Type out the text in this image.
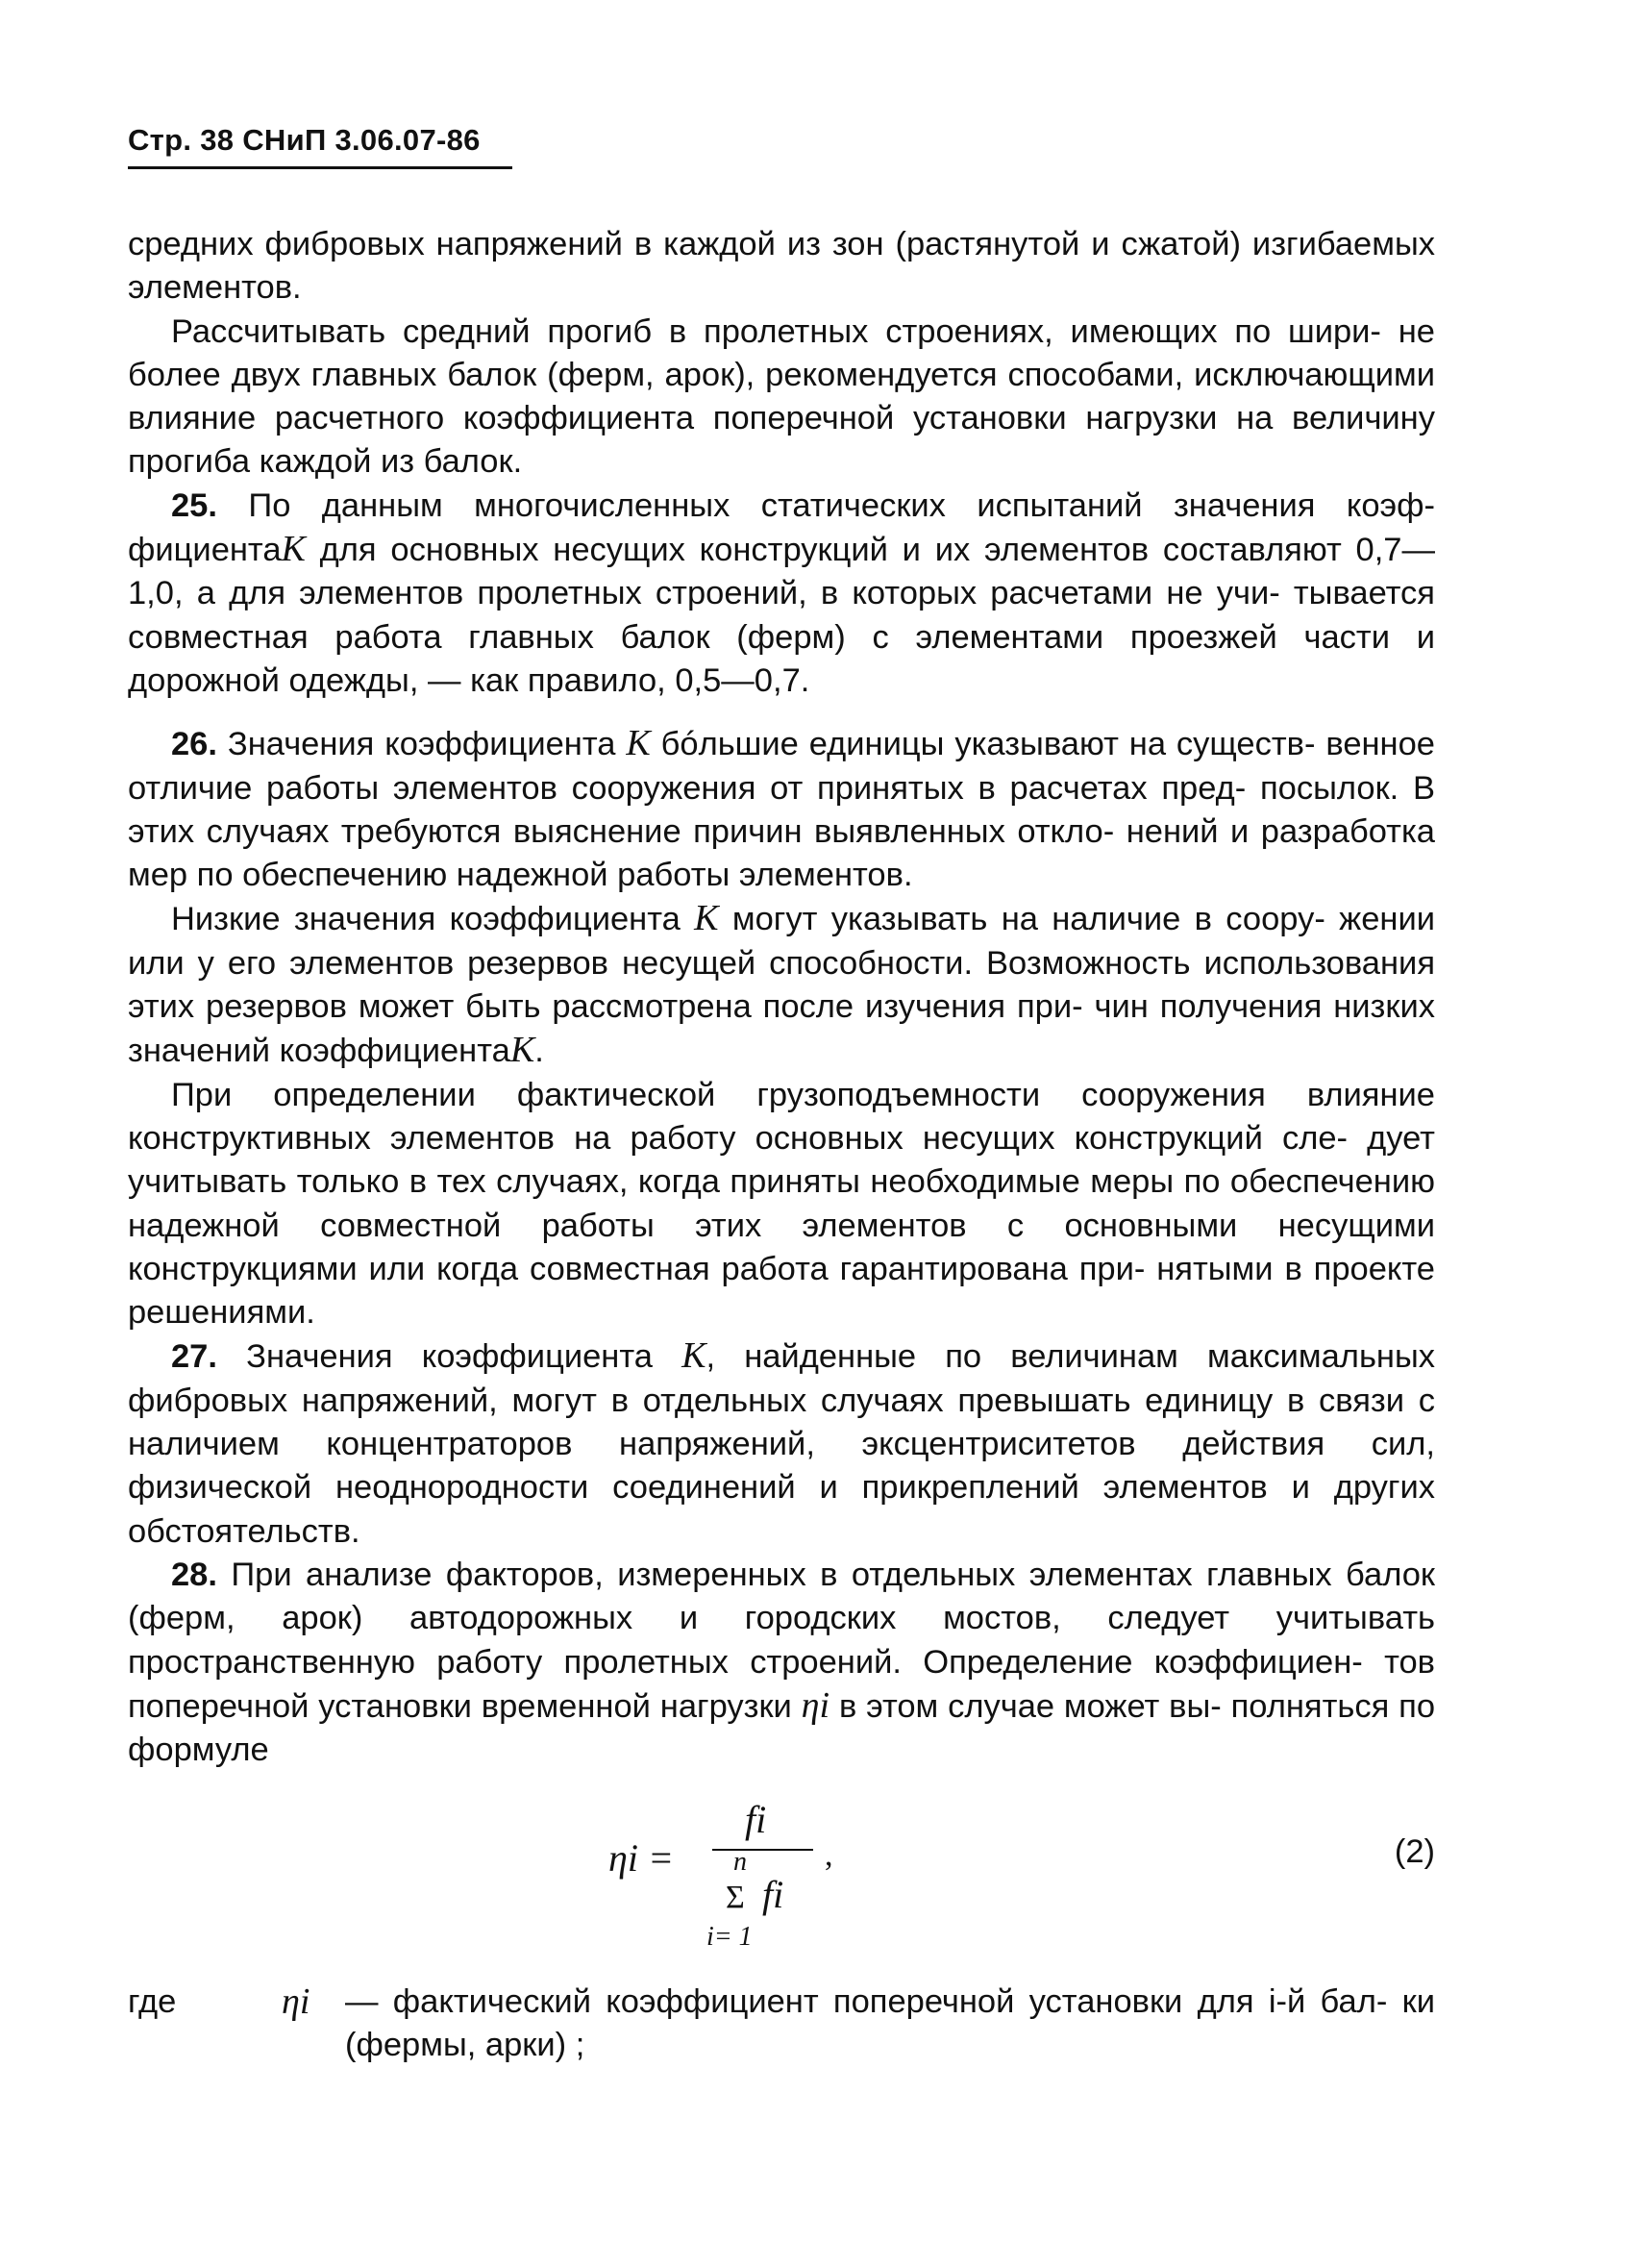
Стр. 38 СНиП 3.06.07-86

средних фибровых напряжений в каждой из зон (растянутой и сжатой) изгибаемых элементов.

Рассчитывать средний прогиб в пролетных строениях, имеющих по шири- не более двух главных балок (ферм, арок), рекомендуется способами, исключающими влияние расчетного коэффициента поперечной установки нагрузки на величину прогиба каждой из балок.

25. По данным многочисленных статических испытаний значения коэф- фициентаK для основных несущих конструкций и их элементов составляют 0,7—1,0, а для элементов пролетных строений, в которых расчетами не учи- тывается совместная работа главных балок (ферм) с элементами проезжей части и дорожной одежды, — как правило, 0,5—0,7.

26. Значения коэффициента K бóльшие единицы указывают на существ- венное отличие работы элементов сооружения от принятых в расчетах пред- посылок. В этих случаях требуются выяснение причин выявленных откло- нений и разработка мер по обеспечению надежной работы элементов.

Низкие значения коэффициента K могут указывать на наличие в соору- жении или у его элементов резервов несущей способности. Возможность использования этих резервов может быть рассмотрена после изучения при- чин получения низких значений коэффициентаK.

При определении фактической грузоподъемности сооружения влияние конструктивных элементов на работу основных несущих конструкций сле- дует учитывать только в тех случаях, когда приняты необходимые меры по обеспечению надежной совместной работы этих элементов с основными несущими конструкциями или когда совместная работа гарантирована при- нятыми в проекте решениями.

27. Значения коэффициента K, найденные по величинам максимальных фибровых напряжений, могут в отдельных случаях превышать единицу в связи с наличием концентраторов напряжений, эксцентриситетов действия сил, физической неоднородности соединений и прикреплений элементов и других обстоятельств.

28. При анализе факторов, измеренных в отдельных элементах главных балок (ферм, арок) автодорожных и городских мостов, следует учитывать пространственную работу пролетных строений. Определение коэффициен- тов поперечной установки временной нагрузки ηi в этом случае может вы- полняться по формуле

ηi =
fi
n
Σ fi
i= 1
,	(2)
где	ηi — фактический коэффициент поперечной установки для i-й бал- ки (фермы, арки) ;
